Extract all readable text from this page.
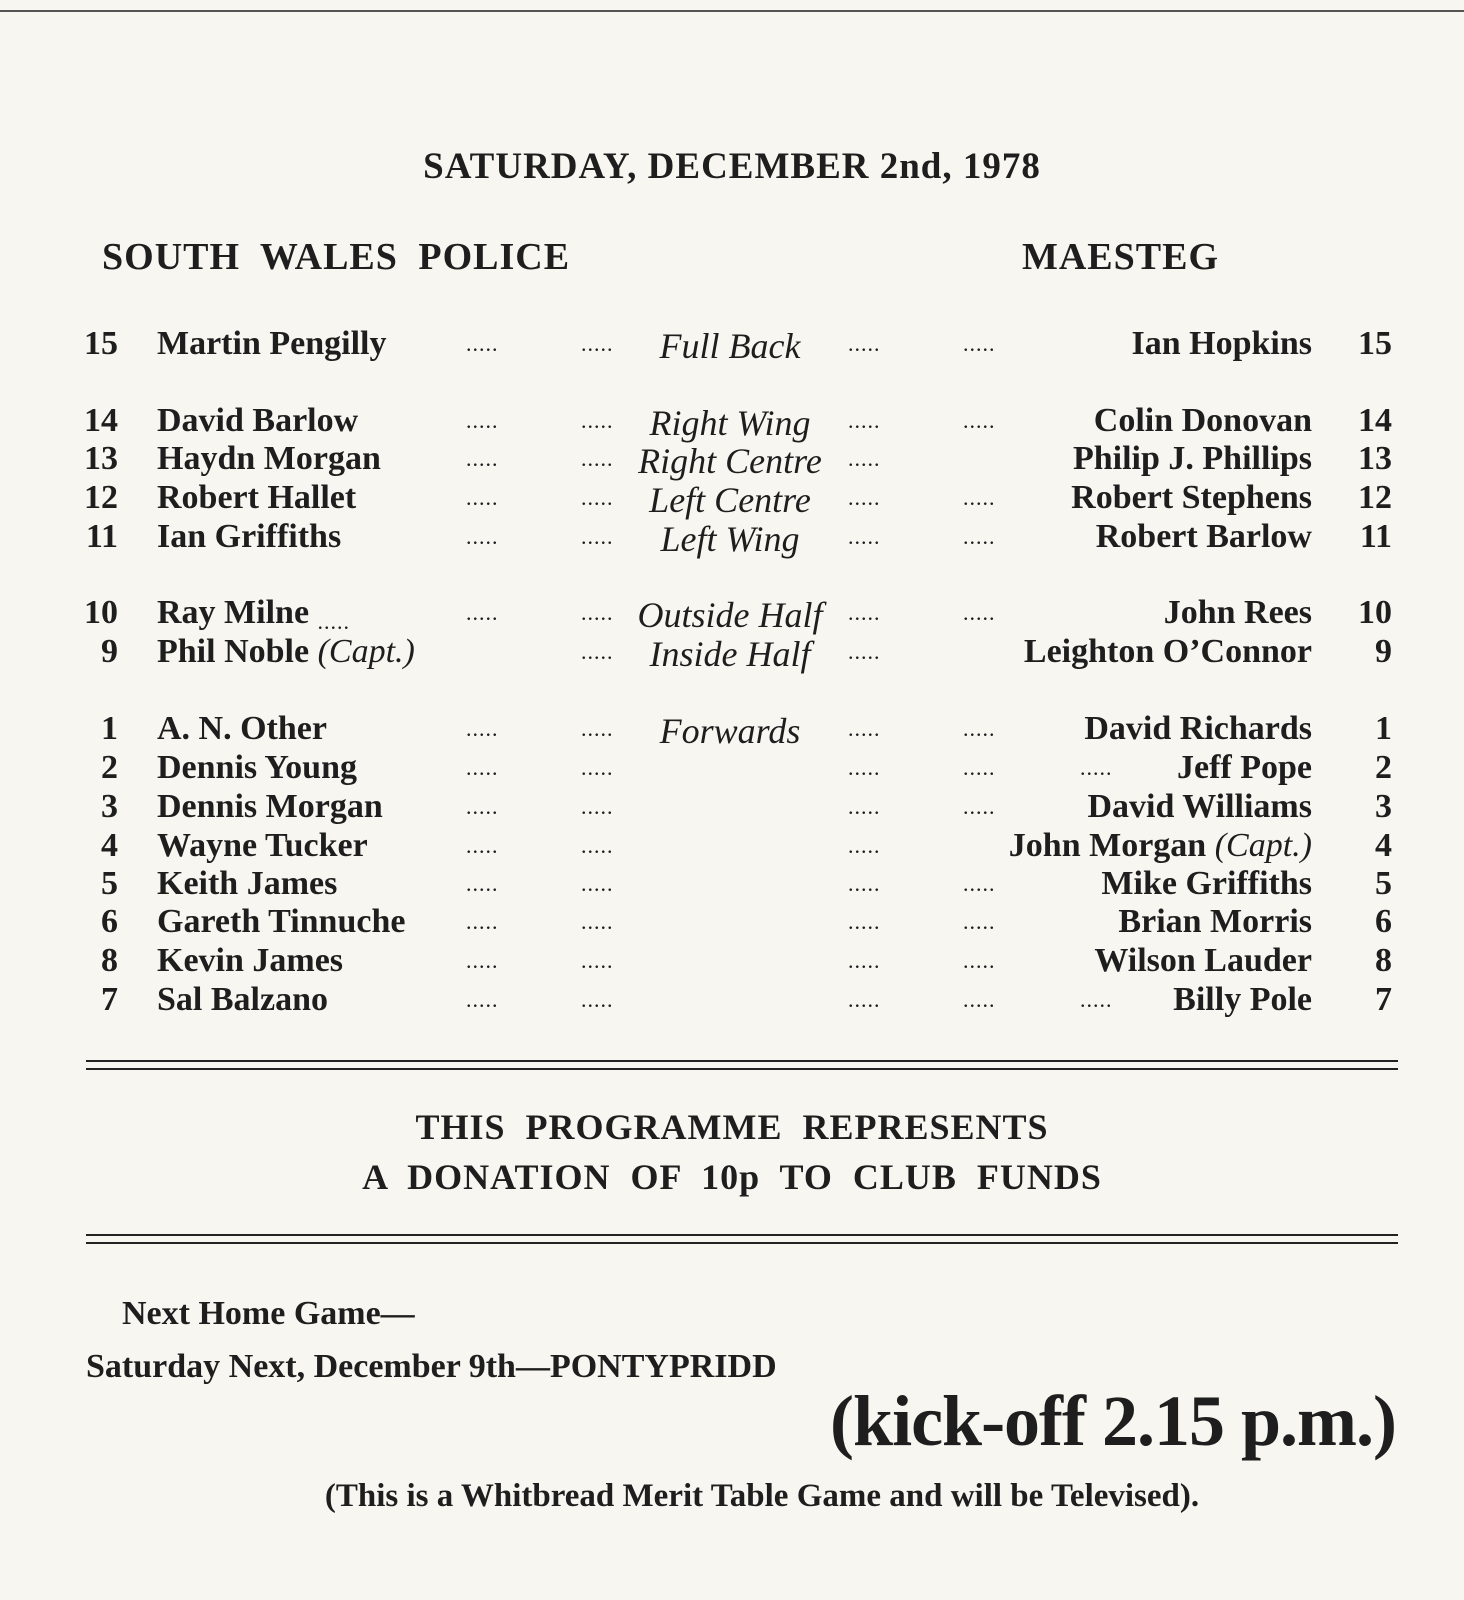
SATURDAY, DECEMBER 2nd, 1978
SOUTH WALES POLICE	MAESTEG
15 Martin Pengilly	.....	.....	Full Back	.....	.....	Ian Hopkins	15
14 David Barlow	.....	.....	Right Wing	.....	.....	Colin Donovan	14
13 Haydn Morgan	.....	..... Right Centre	.....	Philip J. Phillips	13
12 Robert Hallet	.....	..... Left Centre	.....	..... Robert Stephens	12
11 Ian Griffiths	.....	.....	Left Wing	.....	.....	Robert Barlow	11
10 Ray Milne .....	.....	..... Outside Half	.....	.....	John Rees	10
9 Phil Noble (Capt.)	.....	Inside Half	.....	Leighton O’Connor	9
1 A. N. Other	.....	.....	Forwards	.....	.....	David Richards	1
2 Dennis Young	.....	.....	.....	.....	..... Jeff Pope	2
3 Dennis Morgan	.....	.....	.....	.....	David Williams	3
4 Wayne Tucker	.....	.....	.....	John Morgan (Capt.)	4
5 Keith James	.....	.....	.....	.....	Mike Griffiths	5
6 Gareth Tinnuche	.....	.....	.....	.....	Brian Morris	6
8 Kevin James	.....	.....	.....	.....	Wilson Lauder	8
7 Sal Balzano	.....	.....	.....	.....	..... Billy Pole	7
THIS PROGRAMME REPRESENTS
A DONATION OF 10p TO CLUB FUNDS
Next Home Game—
Saturday Next, December 9th—PONTYPRIDD
(kick-off 2.15 p.m.)
(This is a Whitbread Merit Table Game and will be Televised).
